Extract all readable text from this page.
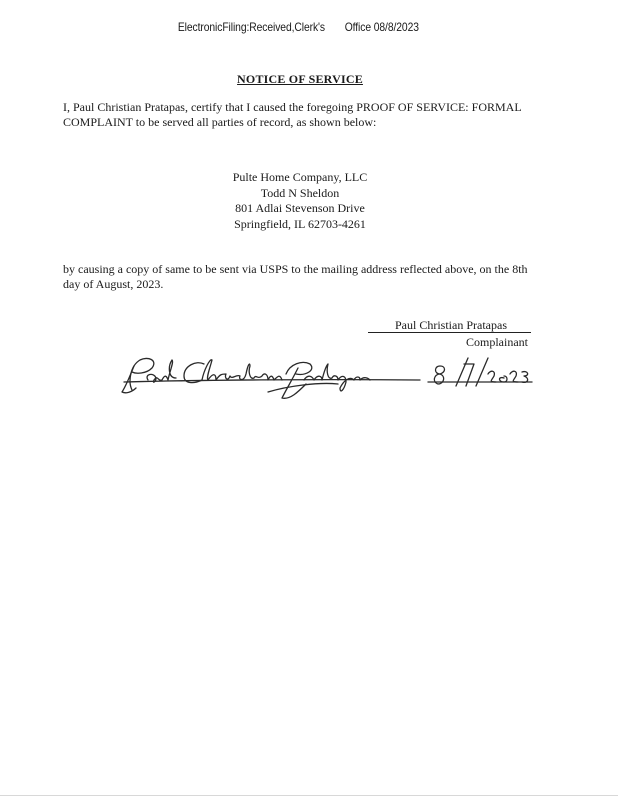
ElectronicFiling:Received,Clerk's Office 08/8/2023
NOTICE OF SERVICE
I, Paul Christian Pratapas, certify that I caused the foregoing PROOF OF SERVICE: FORMAL COMPLAINT to be served all parties of record, as shown below:
Pulte Home Company, LLC
Todd N Sheldon
801 Adlai Stevenson Drive
Springfield, IL 62703-4261
by causing a copy of same to be sent via USPS to the mailing address reflected above, on the 8th day of August, 2023.
Paul Christian Pratapas
Complainant
